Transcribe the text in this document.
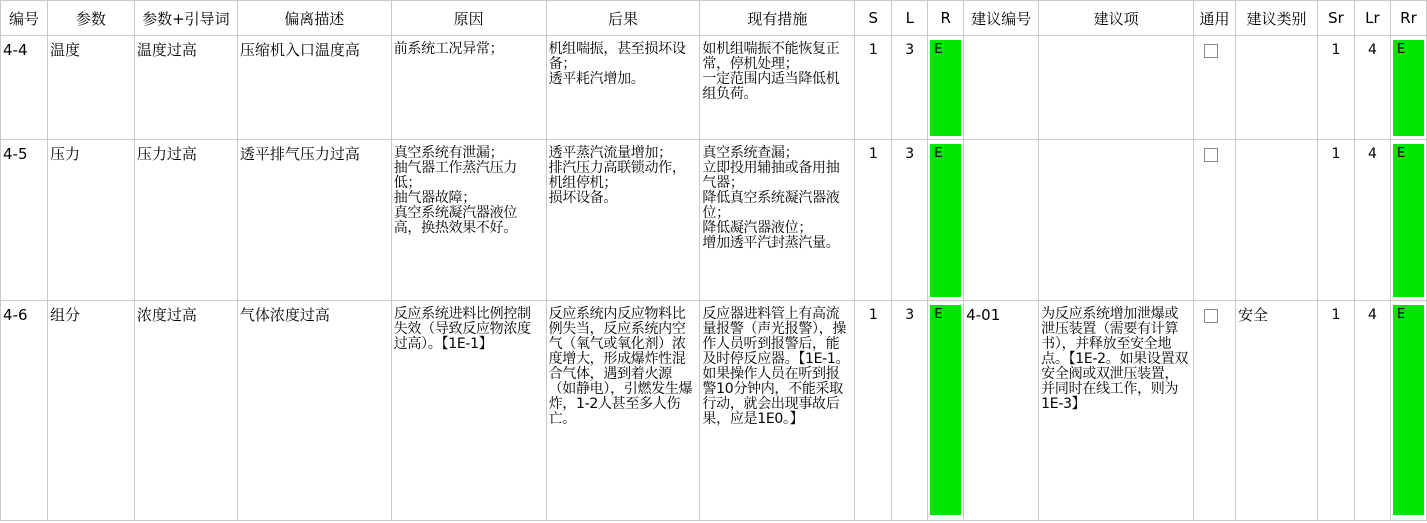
编号	参数	参数+引导词	偏离描述	原因	后果	现有措施	S	L	R	建议编号	建议项	通用	建议类别	Sr	Lr	Rr
4-4	温度	温度过高	压缩机入口温度高	前系统工况异常；	机组喘振，甚至损坏设备；
透平耗汽增加。	如机组喘振不能恢复正常，停机处理；
一定范围内适当降低机组负荷。	1	3	E					1	4	E

4-5	压力	压力过高	透平排气压力过高	真空系统有泄漏；
抽气器工作蒸汽压力低；
抽气器故障；
真空系统凝汽器液位高，换热效果不好。	透平蒸汽流量增加；
排汽压力高联锁动作，机组停机；
损坏设备。	真空系统查漏；
立即投用辅抽或备用抽气器；
降低真空系统凝汽器液位；
降低凝汽器液位；
增加透平汽封蒸汽量。	1	3	E					1	4	E

4-6	组分	浓度过高	气体浓度过高	反应系统进料比例控制失效（导致反应物浓度过高）。【1E-1】	反应系统内反应物料比例失当，反应系统内空气（氧气或氧化剂）浓度增大，形成爆炸性混合气体，遇到着火源（如静电），引燃发生爆炸，1-2人甚至多人伤亡。	反应器进料管上有高流量报警（声光报警），操作人员听到报警后，能及时停反应器。【1E-1。如果操作人员在听到报警10分钟内，不能采取行动，就会出现事故后果，应是1E0。】	1	3	E	4-01	为反应系统增加泄爆或泄压装置（需要有计算书），并释放至安全地点。【1E-2。如果设置双安全阀或双泄压装置，并同时在线工作，则为1E-3】		安全	1	4	E
